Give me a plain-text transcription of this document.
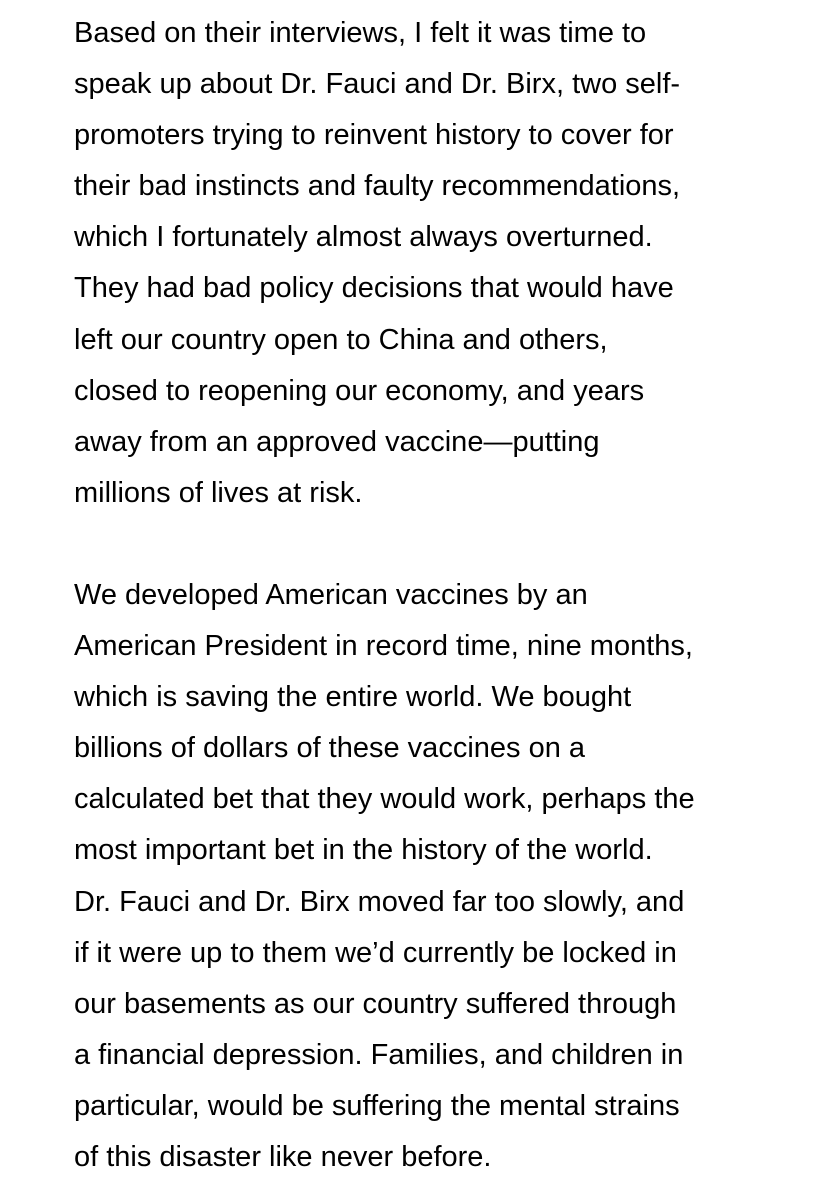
Based on their interviews, I felt it was time to
speak up about Dr. Fauci and Dr. Birx, two self-
promoters trying to reinvent history to cover for
their bad instincts and faulty recommendations,
which I fortunately almost always overturned.
They had bad policy decisions that would have
left our country open to China and others,
closed to reopening our economy, and years
away from an approved vaccine—putting
millions of lives at risk.

We developed American vaccines by an
American President in record time, nine months,
which is saving the entire world. We bought
billions of dollars of these vaccines on a
calculated bet that they would work, perhaps the
most important bet in the history of the world.
Dr. Fauci and Dr. Birx moved far too slowly, and
if it were up to them we’d currently be locked in
our basements as our country suffered through
a financial depression. Families, and children in
particular, would be suffering the mental strains
of this disaster like never before.
